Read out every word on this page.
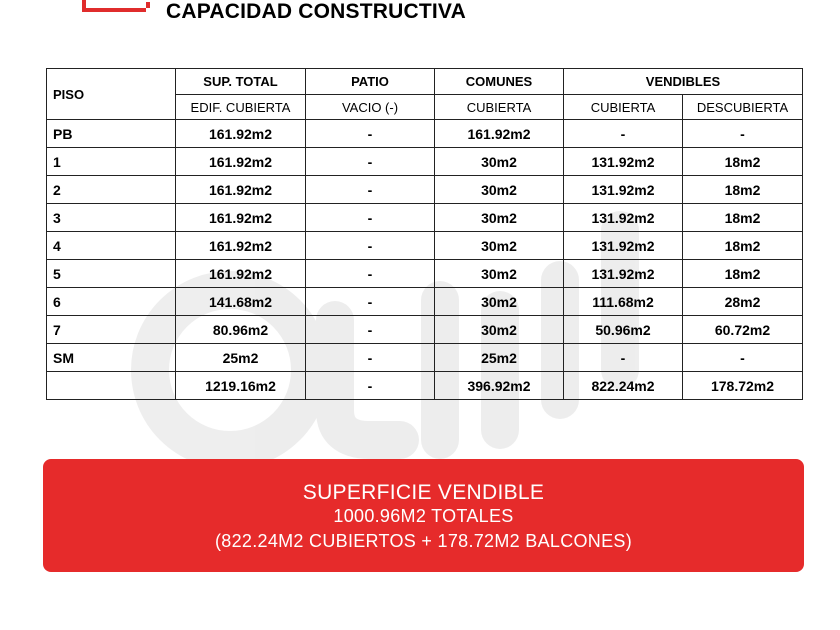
CAPACIDAD CONSTRUCTIVA
PISO	SUP. TOTAL	PATIO	COMUNES	VENDIBLES	
	EDIF. CUBIERTA	VACIO (-)	CUBIERTA	CUBIERTA	DESCUBIERTA
PB	161.92m2	-	161.92m2	-	-
1	161.92m2	-	30m2	131.92m2	18m2
2	161.92m2	-	30m2	131.92m2	18m2
3	161.92m2	-	30m2	131.92m2	18m2
4	161.92m2	-	30m2	131.92m2	18m2
5	161.92m2	-	30m2	131.92m2	18m2
6	141.68m2	-	30m2	111.68m2	28m2
7	80.96m2	-	30m2	50.96m2	60.72m2
SM	25m2	-	25m2	-	-
	1219.16m2	-	396.92m2	822.24m2	178.72m2
SUPERFICIE VENDIBLE
1000.96M2 TOTALES
(822.24M2 CUBIERTOS + 178.72M2 BALCONES)
